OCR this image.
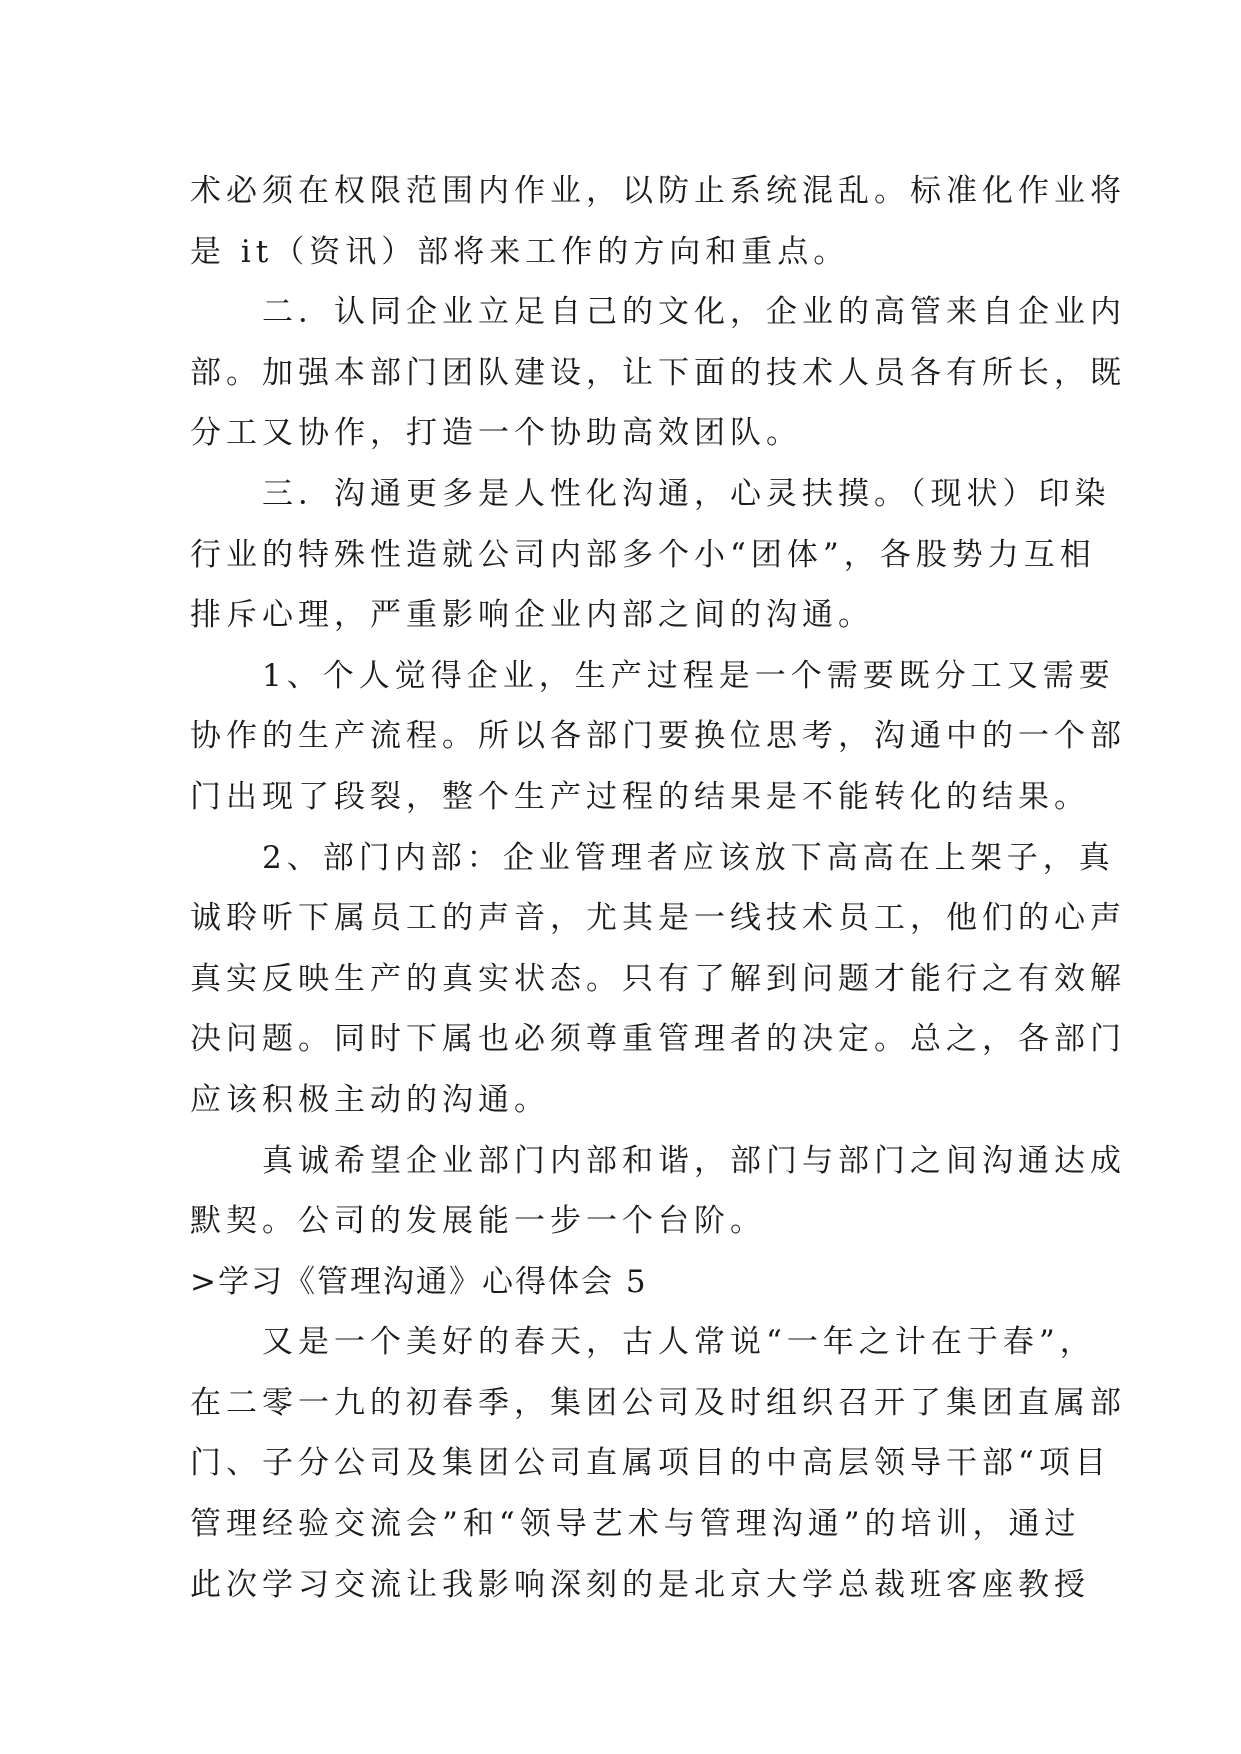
术必须在权限范围内作业，以防止系统混乱。标准化作业将
是 it（资讯）部将来工作的方向和重点。
二．认同企业立足自己的文化，企业的高管来自企业内
部。加强本部门团队建设，让下面的技术人员各有所长，既
分工又协作，打造一个协助高效团队。
三．沟通更多是人性化沟通，心灵扶摸。（现状）印染
行业的特殊性造就公司内部多个小“团体”，各股势力互相
排斥心理，严重影响企业内部之间的沟通。
1、个人觉得企业，生产过程是一个需要既分工又需要
协作的生产流程。所以各部门要换位思考，沟通中的一个部
门出现了段裂，整个生产过程的结果是不能转化的结果。
2、部门内部：企业管理者应该放下高高在上架子，真
诚聆听下属员工的声音，尤其是一线技术员工，他们的心声
真实反映生产的真实状态。只有了解到问题才能行之有效解
决问题。同时下属也必须尊重管理者的决定。总之，各部门
应该积极主动的沟通。
真诚希望企业部门内部和谐，部门与部门之间沟通达成
默契。公司的发展能一步一个台阶。
>学习《管理沟通》心得体会 5
又是一个美好的春天，古人常说“一年之计在于春”，
在二零一九的初春季，集团公司及时组织召开了集团直属部
门、子分公司及集团公司直属项目的中高层领导干部“项目
管理经验交流会”和“领导艺术与管理沟通”的培训，通过
此次学习交流让我影响深刻的是北京大学总裁班客座教授
